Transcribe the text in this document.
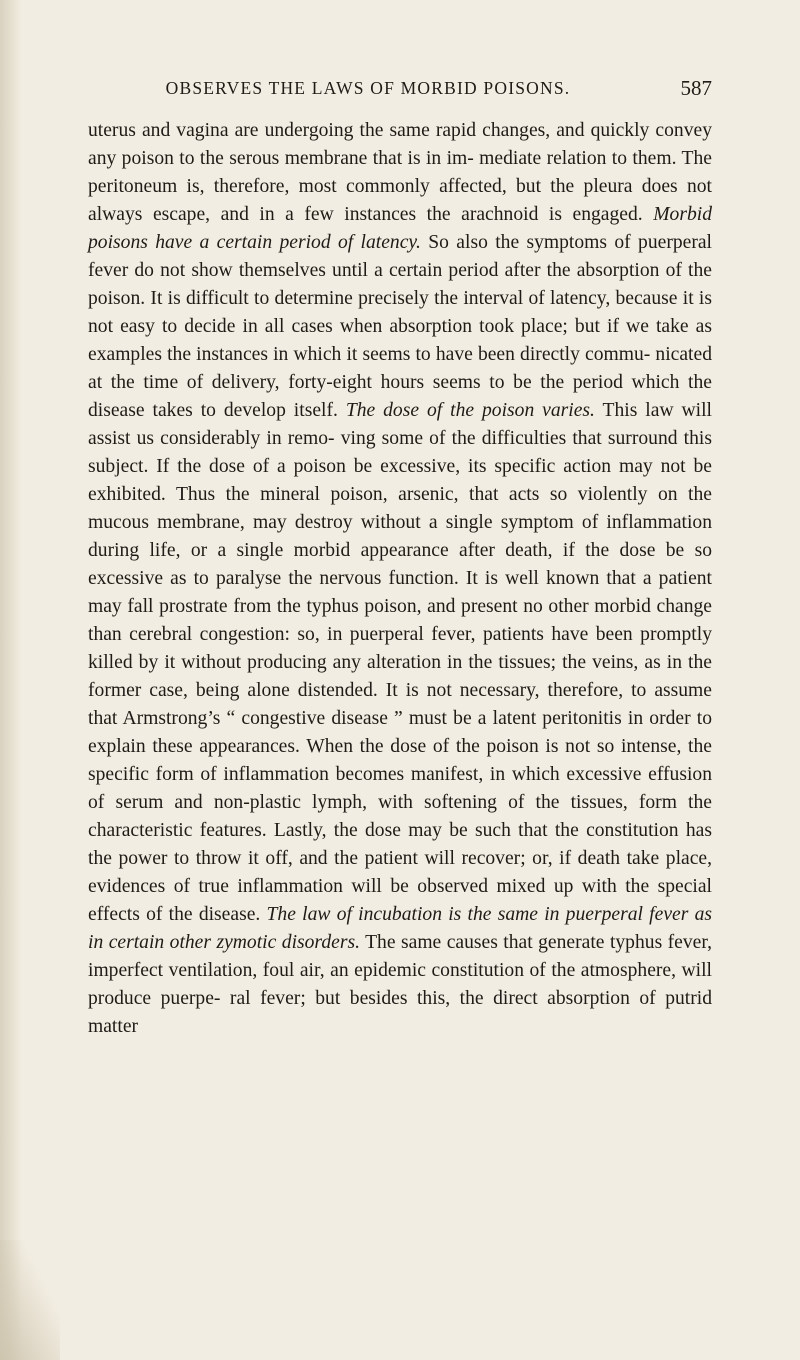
OBSERVES THE LAWS OF MORBID POISONS.	587

uterus and vagina are undergoing the same rapid changes, and quickly convey any poison to the serous membrane that is in im- mediate relation to them. The peritoneum is, therefore, most commonly affected, but the pleura does not always escape, and in a few instances the arachnoid is engaged. Morbid poisons have a certain period of latency. So also the symptoms of puerperal fever do not show themselves until a certain period after the absorption of the poison. It is difficult to determine precisely the interval of latency, because it is not easy to decide in all cases when absorption took place; but if we take as examples the instances in which it seems to have been directly commu- nicated at the time of delivery, forty-eight hours seems to be the period which the disease takes to develop itself. The dose of the poison varies. This law will assist us considerably in remo- ving some of the difficulties that surround this subject. If the dose of a poison be excessive, its specific action may not be exhibited. Thus the mineral poison, arsenic, that acts so violently on the mucous membrane, may destroy without a single symptom of inflammation during life, or a single morbid appearance after death, if the dose be so excessive as to paralyse the nervous function. It is well known that a patient may fall prostrate from the typhus poison, and present no other morbid change than cerebral congestion: so, in puerperal fever, patients have been promptly killed by it without producing any alteration in the tissues; the veins, as in the former case, being alone distended. It is not necessary, therefore, to assume that Armstrong’s “ congestive disease ” must be a latent peritonitis in order to explain these appearances. When the dose of the poison is not so intense, the specific form of inflammation becomes manifest, in which excessive effusion of serum and non-plastic lymph, with softening of the tissues, form the characteristic features. Lastly, the dose may be such that the constitution has the power to throw it off, and the patient will recover; or, if death take place, evidences of true inflammation will be observed mixed up with the special effects of the disease. The law of incubation is the same in puerperal fever as in certain other zymotic disorders. The same causes that generate typhus fever, imperfect ventilation, foul air, an epidemic constitution of the atmosphere, will produce puerpe- ral fever; but besides this, the direct absorption of putrid matter
